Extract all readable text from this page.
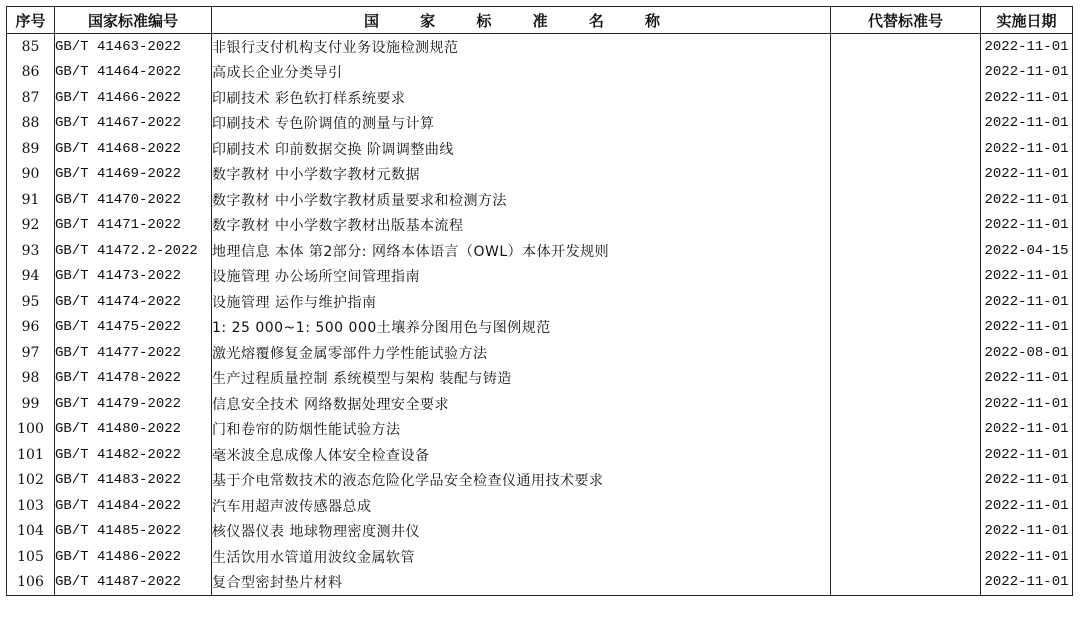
序号	国家标准编号	国 家 标 准 名 称	代替标准号	实施日期
85	GB/T 41463-2022	非银行支付机构支付业务设施检测规范		2022-11-01
86	GB/T 41464-2022	高成长企业分类导引		2022-11-01
87	GB/T 41466-2022	印刷技术 彩色软打样系统要求		2022-11-01
88	GB/T 41467-2022	印刷技术 专色阶调值的测量与计算		2022-11-01
89	GB/T 41468-2022	印刷技术 印前数据交换 阶调调整曲线		2022-11-01
90	GB/T 41469-2022	数字教材 中小学数字教材元数据		2022-11-01
91	GB/T 41470-2022	数字教材 中小学数字教材质量要求和检测方法		2022-11-01
92	GB/T 41471-2022	数字教材 中小学数字教材出版基本流程		2022-11-01
93	GB/T 41472.2-2022	地理信息 本体 第2部分: 网络本体语言（OWL）本体开发规则		2022-04-15
94	GB/T 41473-2022	设施管理 办公场所空间管理指南		2022-11-01
95	GB/T 41474-2022	设施管理 运作与维护指南		2022-11-01
96	GB/T 41475-2022	1: 25 000~1: 500 000土壤养分图用色与图例规范		2022-11-01
97	GB/T 41477-2022	激光熔覆修复金属零部件力学性能试验方法		2022-08-01
98	GB/T 41478-2022	生产过程质量控制 系统模型与架构 装配与铸造		2022-11-01
99	GB/T 41479-2022	信息安全技术 网络数据处理安全要求		2022-11-01
100	GB/T 41480-2022	门和卷帘的防烟性能试验方法		2022-11-01
101	GB/T 41482-2022	毫米波全息成像人体安全检查设备		2022-11-01
102	GB/T 41483-2022	基于介电常数技术的液态危险化学品安全检查仪通用技术要求		2022-11-01
103	GB/T 41484-2022	汽车用超声波传感器总成		2022-11-01
104	GB/T 41485-2022	核仪器仪表 地球物理密度测井仪		2022-11-01
105	GB/T 41486-2022	生活饮用水管道用波纹金属软管		2022-11-01
106	GB/T 41487-2022	复合型密封垫片材料		2022-11-01
